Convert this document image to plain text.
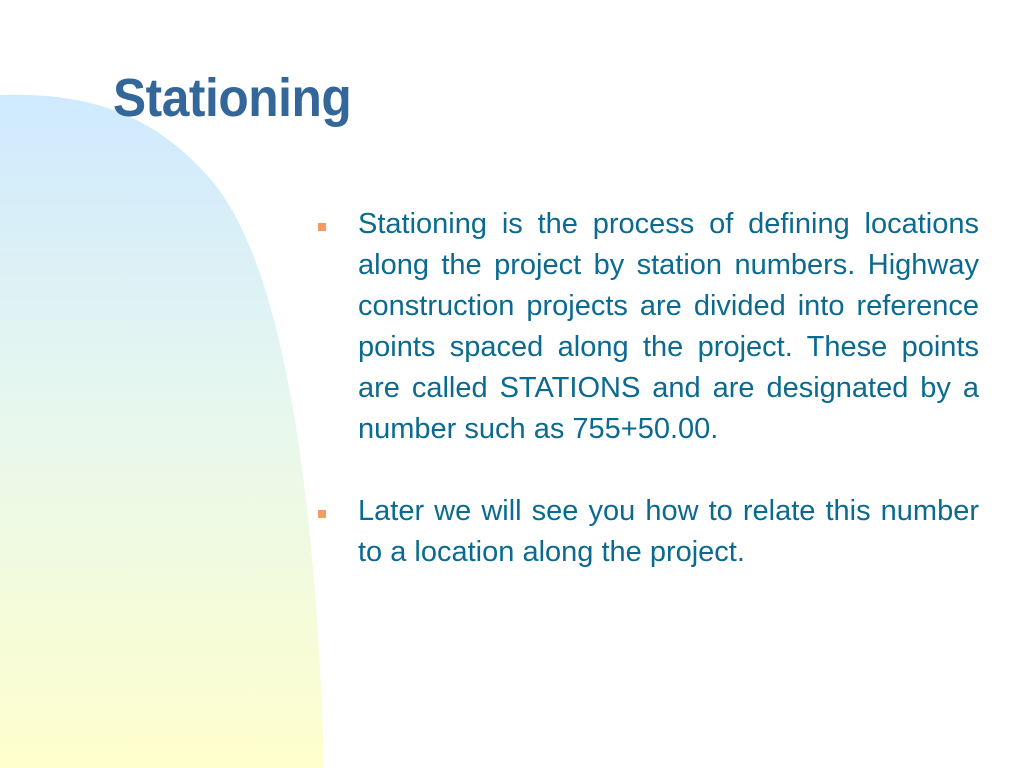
Stationing
Stationing is the process of defining locations along the project by station numbers. Highway construction projects are divided into reference points spaced along the project. These points are called STATIONS and are designated by a number such as 755+50.00.
Later we will see you how to relate this number to a location along the project.
